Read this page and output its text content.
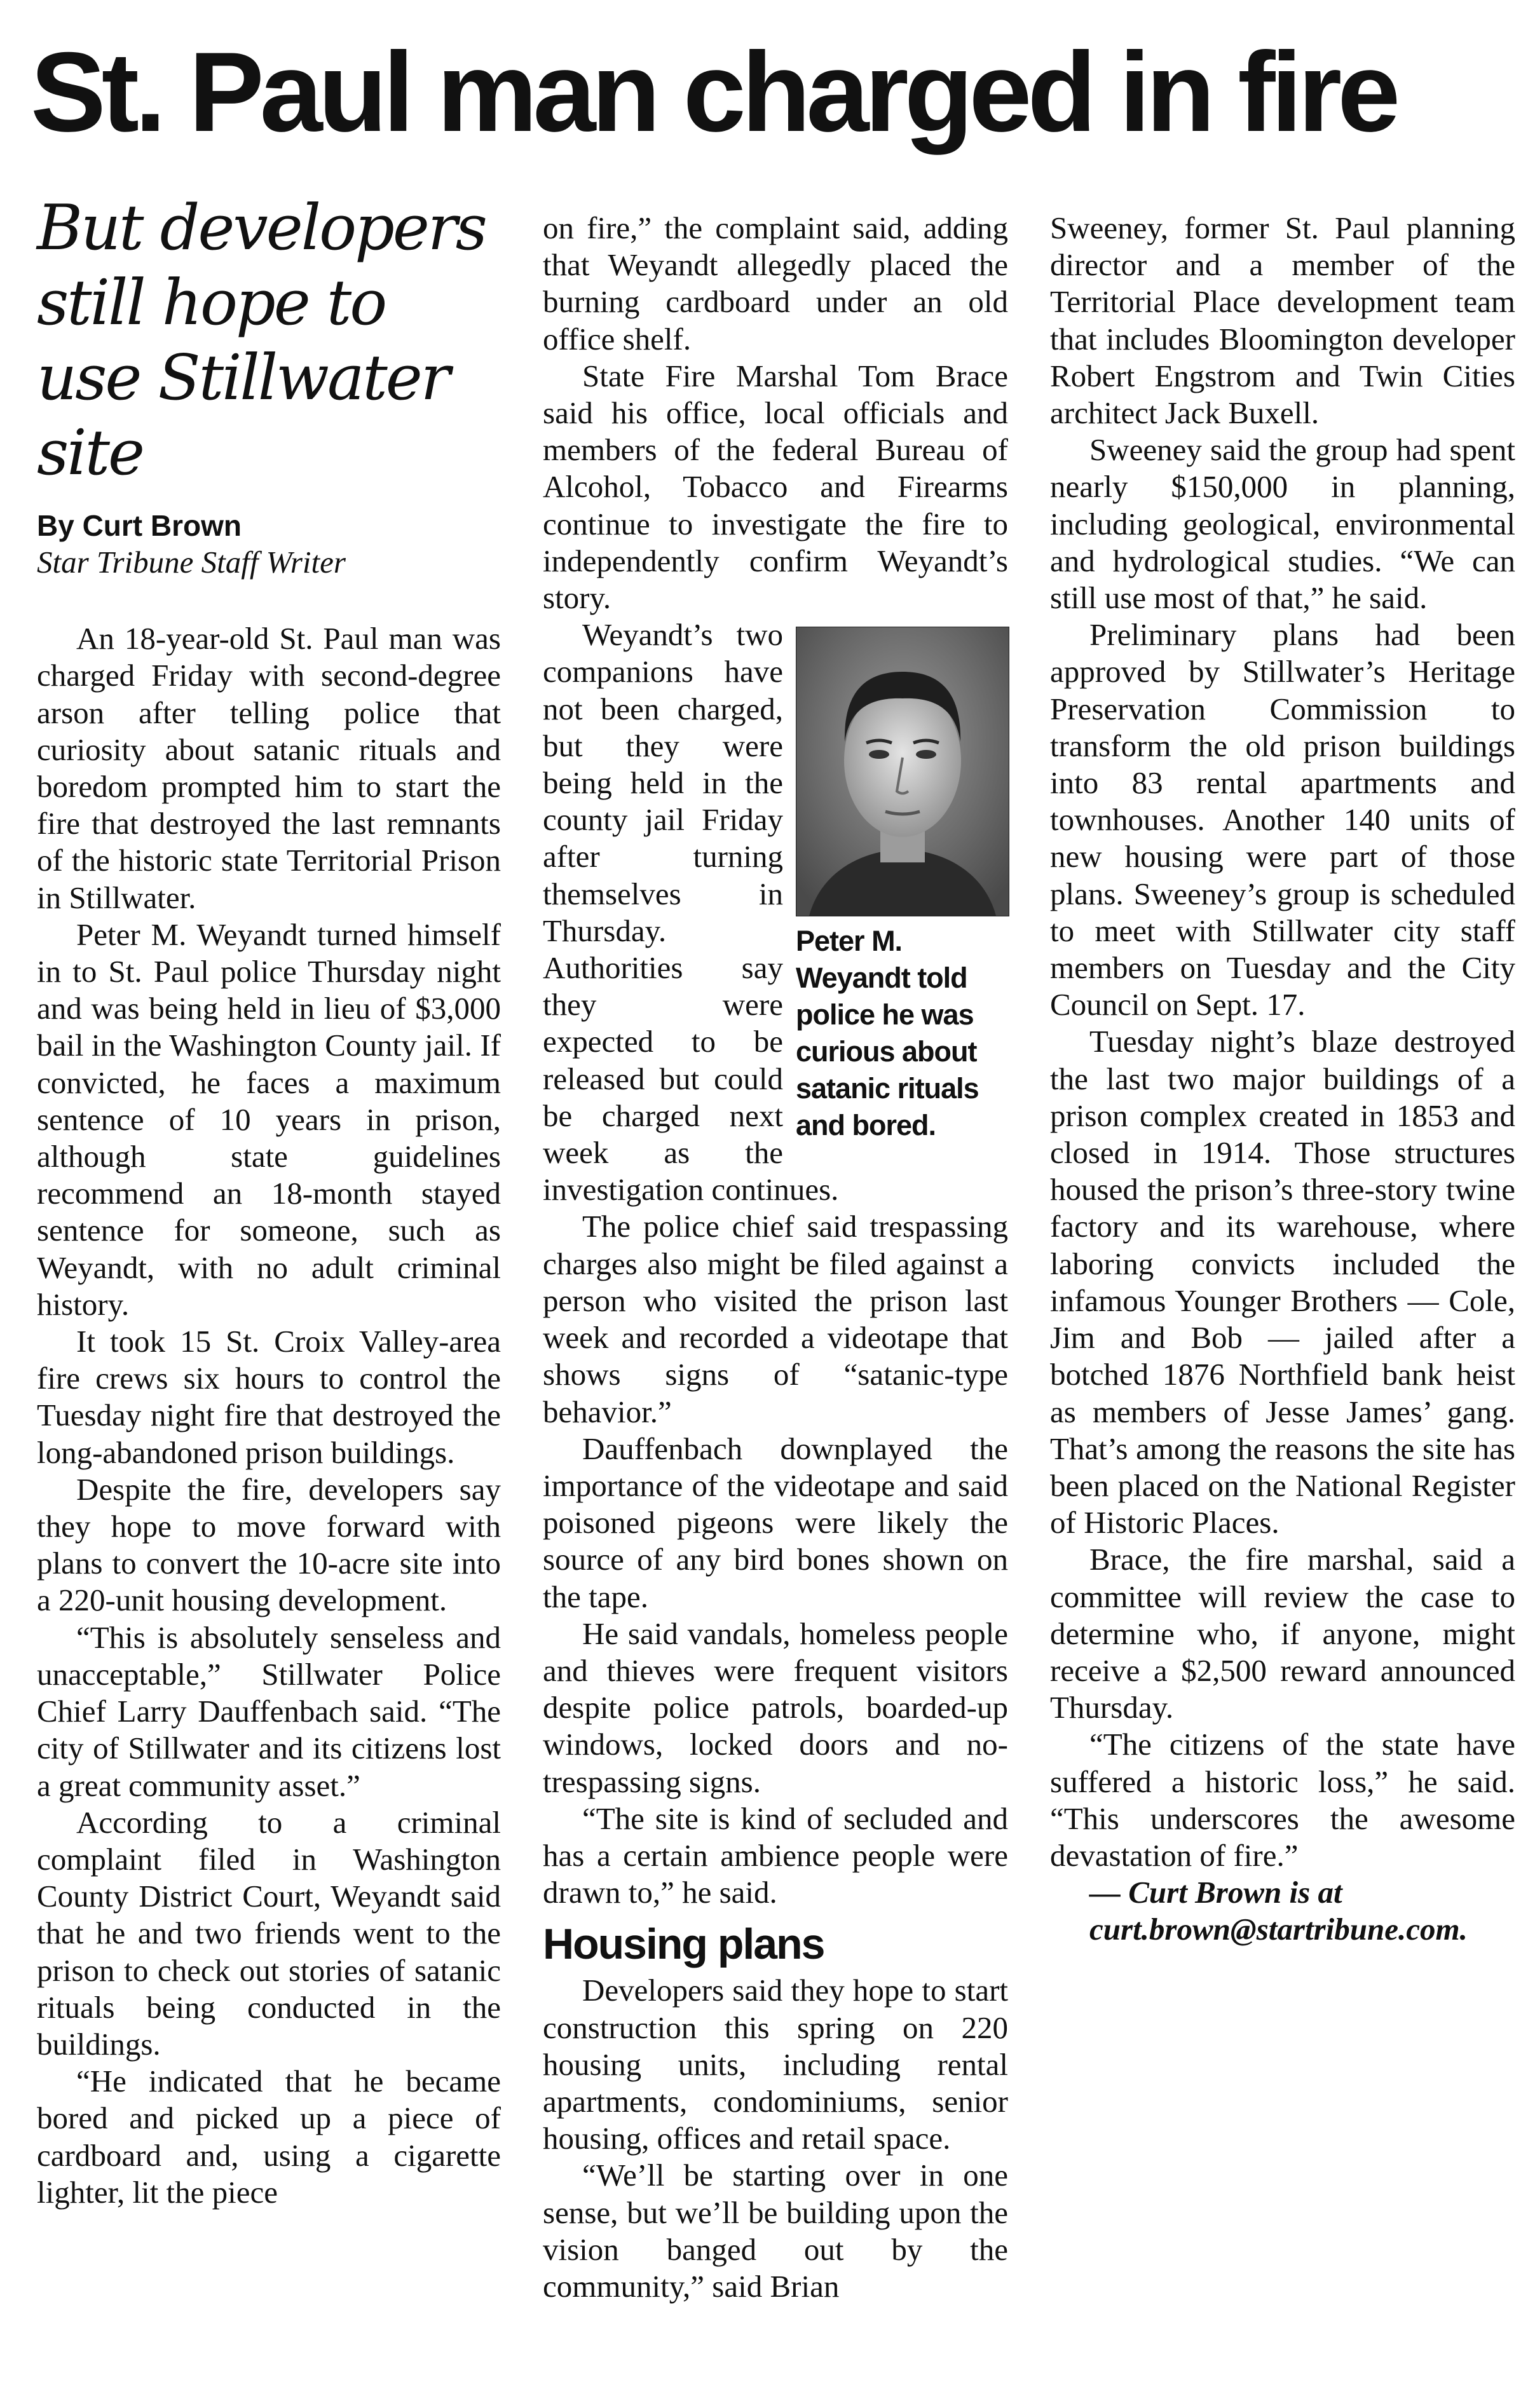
St. Paul man charged in fire
But developers still hope to use Stillwater site
By Curt Brown
Star Tribune Staff Writer

An 18-year-old St. Paul man was charged Friday with second-degree arson after telling police that curiosity about satanic rituals and boredom prompted him to start the fire that destroyed the last remnants of the historic state Territorial Prison in Stillwater.

Peter M. Weyandt turned himself in to St. Paul police Thursday night and was being held in lieu of $3,000 bail in the Washington County jail. If convicted, he faces a maximum sentence of 10 years in prison, although state guidelines recommend an 18-month stayed sentence for someone, such as Weyandt, with no adult criminal history.

It took 15 St. Croix Valley-area fire crews six hours to control the Tuesday night fire that destroyed the long-abandoned prison buildings.

Despite the fire, developers say they hope to move forward with plans to convert the 10-acre site into a 220-unit housing development.

“This is absolutely senseless and unacceptable,” Stillwater Police Chief Larry Dauffenbach said. “The city of Stillwater and its citizens lost a great community asset.”

According to a criminal complaint filed in Washington County District Court, Weyandt said that he and two friends went to the prison to check out stories of satanic rituals being conducted in the buildings.

“He indicated that he became bored and picked up a piece of cardboard and, using a cigarette lighter, lit the piece

on fire,” the complaint said, adding that Weyandt allegedly placed the burning cardboard under an old office shelf.

State Fire Marshal Tom Brace said his office, local officials and members of the federal Bureau of Alcohol, Tobacco and Firearms continue to investigate the fire to independently confirm Weyandt’s story.

Peter M. Weyandt told police he was curious about satanic rituals and bored.

Weyandt’s two companions have not been charged, but they were being held in the county jail Friday after turning themselves in Thursday. Authorities say they were expected to be released but could be charged next week as the investigation continues.

The police chief said trespassing charges also might be filed against a person who visited the prison last week and recorded a videotape that shows signs of “satanic-type behavior.”

Dauffenbach downplayed the importance of the videotape and said poisoned pigeons were likely the source of any bird bones shown on the tape.

He said vandals, homeless people and thieves were frequent visitors despite police patrols, boarded-up windows, locked doors and no-trespassing signs.

“The site is kind of secluded and has a certain ambience people were drawn to,” he said.

Housing plans

Developers said they hope to start construction this spring on 220 housing units, including rental apartments, condominiums, senior housing, offices and retail space.

“We’ll be starting over in one sense, but we’ll be building upon the vision banged out by the community,” said Brian

Sweeney, former St. Paul planning director and a member of the Territorial Place development team that includes Bloomington developer Robert Engstrom and Twin Cities architect Jack Buxell.

Sweeney said the group had spent nearly $150,000 in planning, including geological, environmental and hydrological studies. “We can still use most of that,” he said.

Preliminary plans had been approved by Stillwater’s Heritage Preservation Commission to transform the old prison buildings into 83 rental apartments and townhouses. Another 140 units of new housing were part of those plans. Sweeney’s group is scheduled to meet with Stillwater city staff members on Tuesday and the City Council on Sept. 17.

Tuesday night’s blaze destroyed the last two major buildings of a prison complex created in 1853 and closed in 1914. Those structures housed the prison’s three-story twine factory and its warehouse, where laboring convicts included the infamous Younger Brothers — Cole, Jim and Bob — jailed after a botched 1876 Northfield bank heist as members of Jesse James’ gang. That’s among the reasons the site has been placed on the National Register of Historic Places.

Brace, the fire marshal, said a committee will review the case to determine who, if anyone, might receive a $2,500 reward announced Thursday.

“The citizens of the state have suffered a historic loss,” he said. “This underscores the awesome devastation of fire.”

— Curt Brown is at
curt.brown@startribune.com.
